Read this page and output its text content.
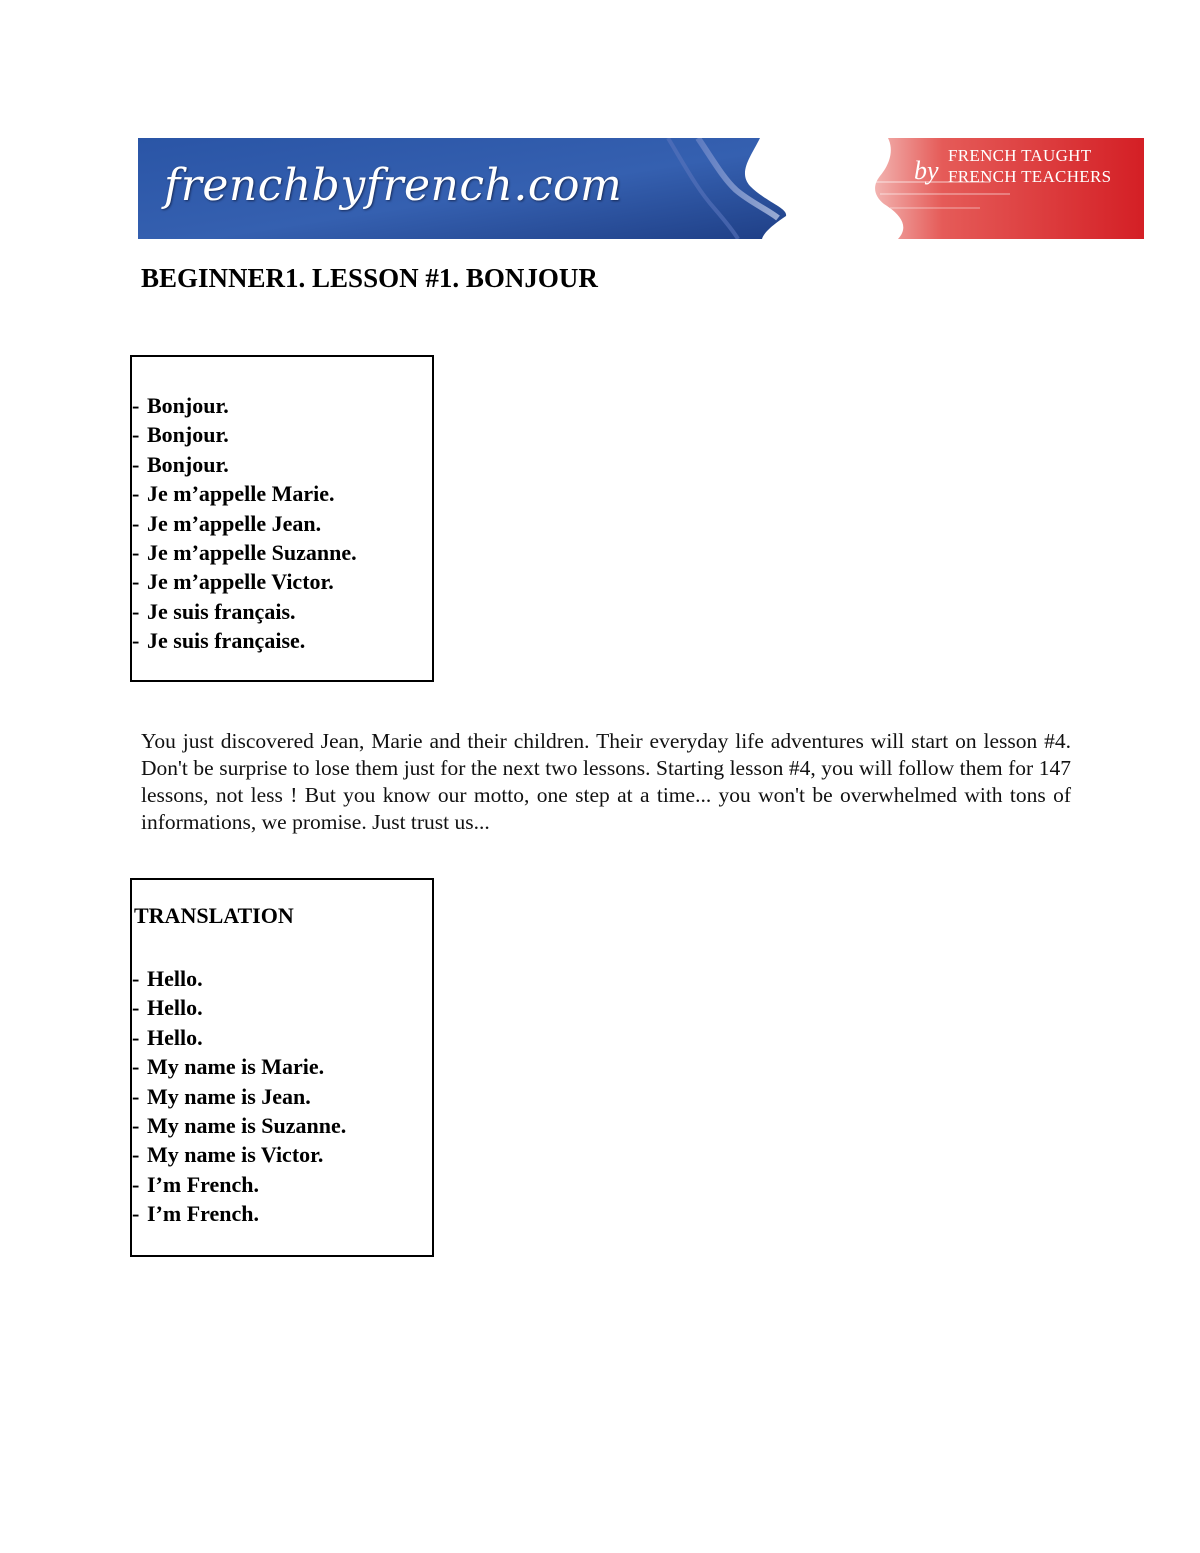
frenchbyfrench.com
FRENCH TAUGHT
by FRENCH TEACHERS
BEGINNER1. LESSON #1. BONJOUR
- Bonjour.
- Bonjour.
- Bonjour.
- Je m’appelle Marie.
- Je m’appelle Jean.
- Je m’appelle Suzanne.
- Je m’appelle Victor.
- Je suis français.
- Je suis française.

You just discovered Jean, Marie and their children. Their everyday life adventures will start on lesson #4. Don't be surprise to lose them just for the next two lessons. Starting lesson #4, you will follow them for 147 lessons, not less ! But you know our motto, one step at a time... you won't be overwhelmed with tons of informations, we promise. Just trust us...

TRANSLATION
- Hello.
- Hello.
- Hello.
- My name is Marie.
- My name is Jean.
- My name is Suzanne.
- My name is Victor.
- I’m French.
- I’m French.
